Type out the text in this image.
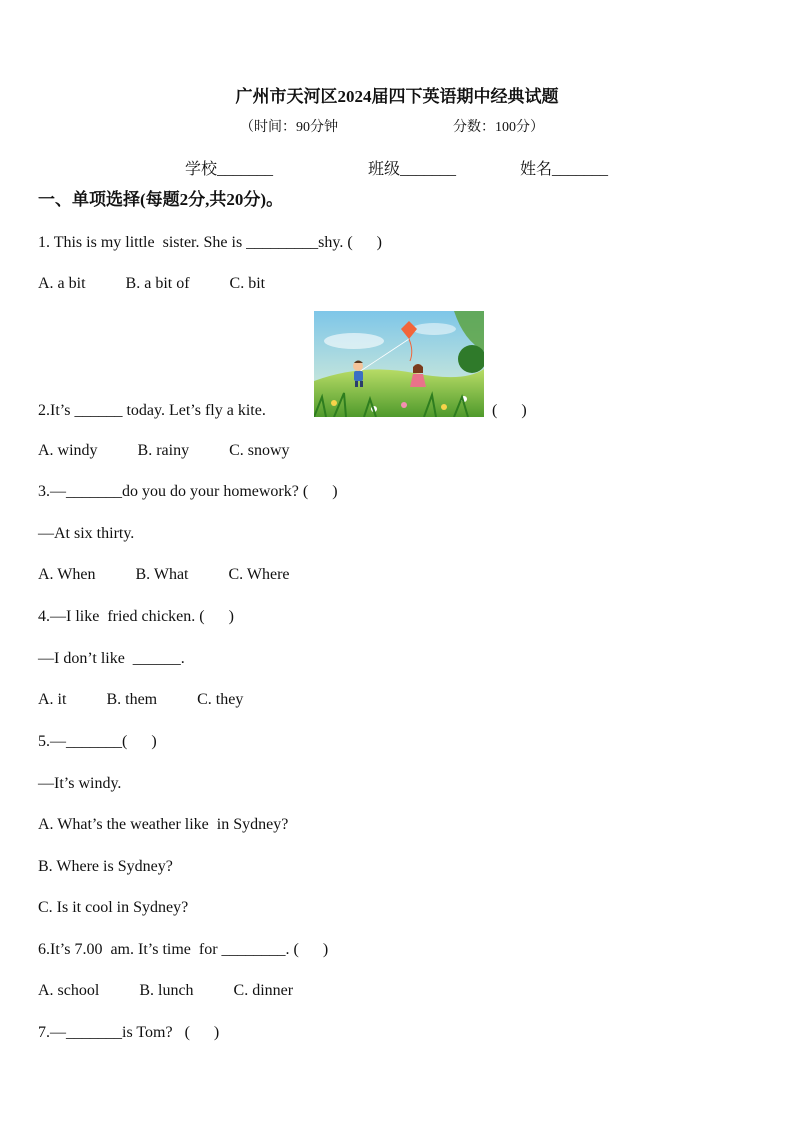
广州市天河区2024届四下英语期中经典试题
（时间：90分钟	分数：100分）
学校_______	班级_______	姓名_______
一、单项选择(每题2分,共20分)。
1. This is my little  sister. She is _________shy. (      )
A. a bit          B. a bit of          C. bit
2.It’s ______ today. Let’s fly a kite.	(      )
A. windy          B. rainy          C. snowy
3.—_______do you do your homework? (      )
—At six thirty.
A. When          B. What          C. Where
4.—I like  fried chicken. (      )
—I don’t like  ______.
A. it          B. them          C. they
5.—_______(      )
—It’s windy.
A. What’s the weather like  in Sydney?
B. Where is Sydney?
C. Is it cool in Sydney?
6.It’s 7.00  am. It’s time  for ________. (      )
A. school          B. lunch          C. dinner
7.—_______is Tom?   (      )
